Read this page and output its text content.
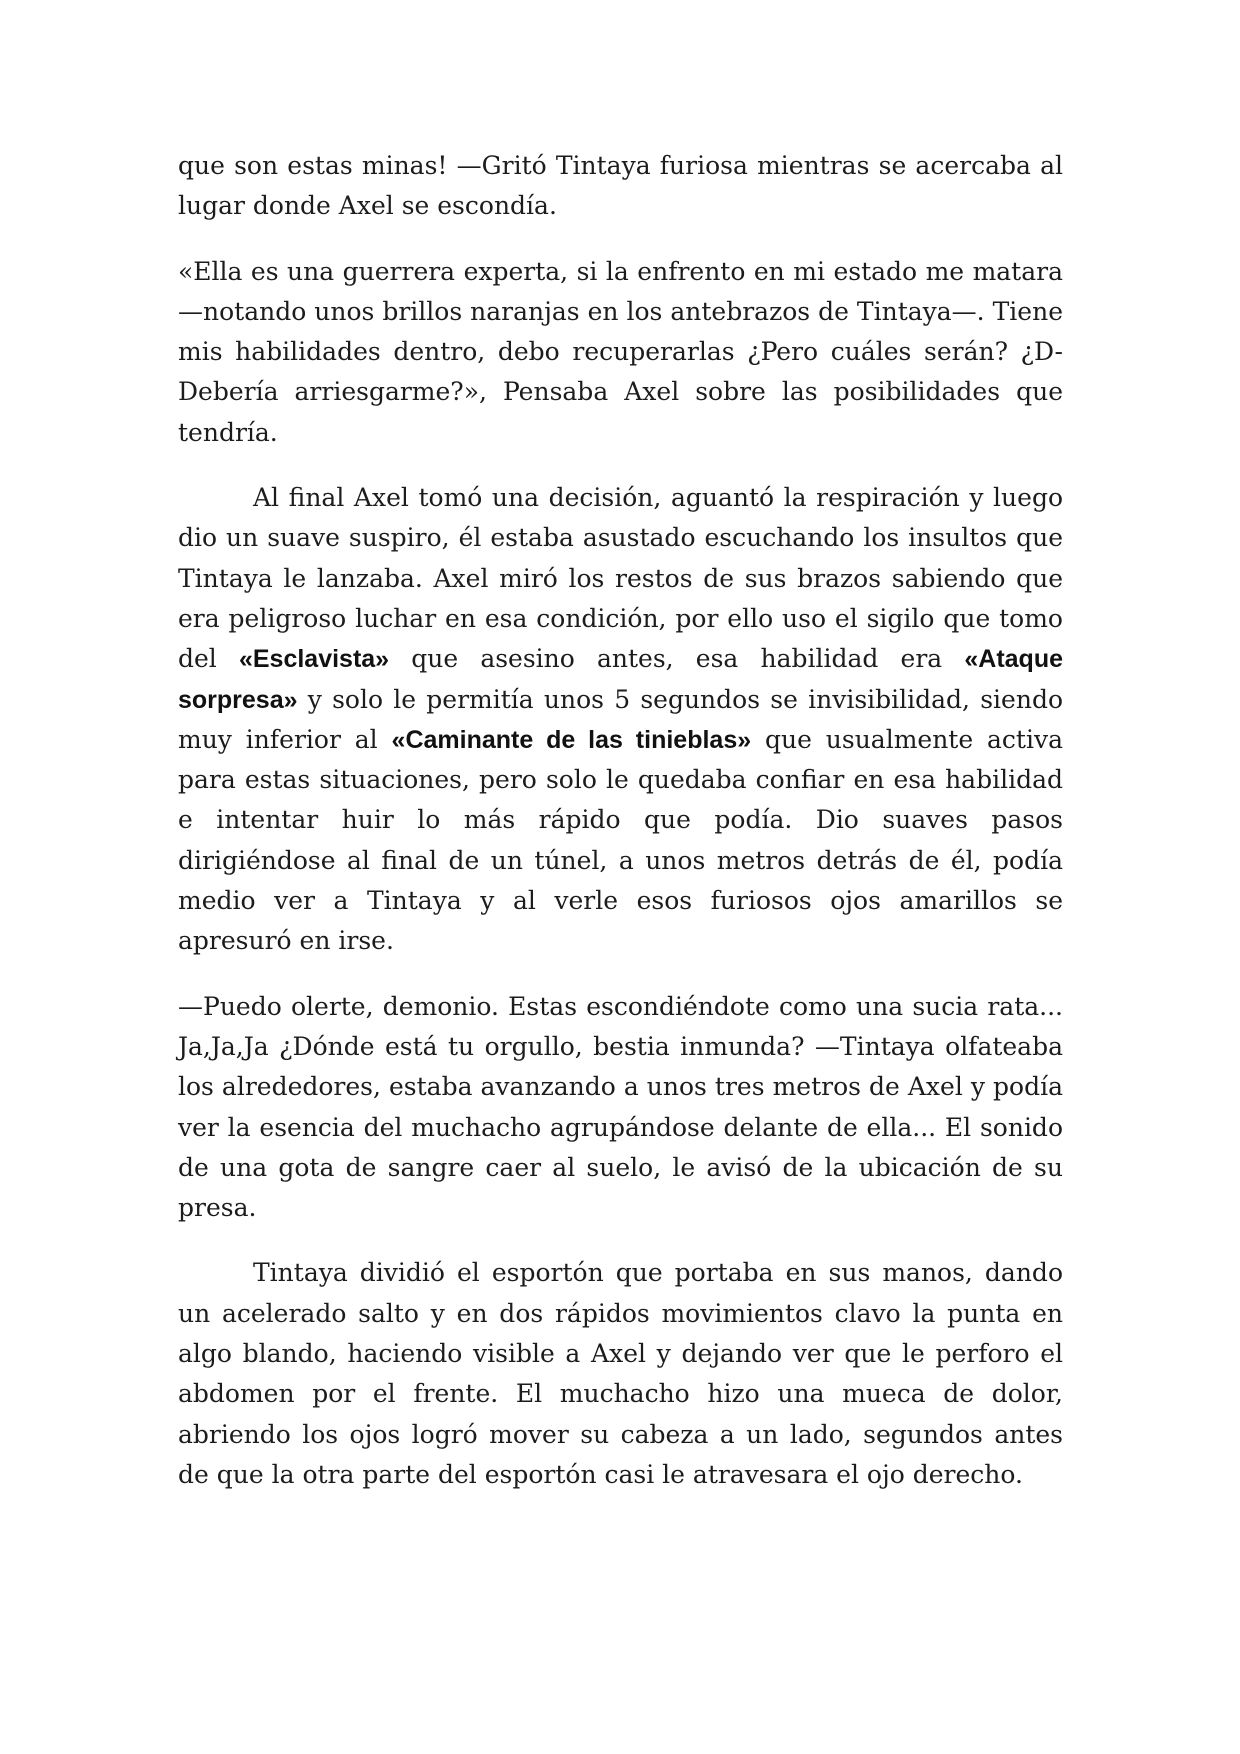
que son estas minas! —Gritó Tintaya furiosa mientras se acercaba al lugar donde Axel se escondía.

«Ella es una guerrera experta, si la enfrento en mi estado me matara —notando unos brillos naranjas en los antebrazos de Tintaya—. Tiene mis habilidades dentro, debo recuperarlas ¿Pero cuáles serán? ¿D-Debería arriesgarme?», Pensaba Axel sobre las posibilidades que tendría.

Al final Axel tomó una decisión, aguantó la respiración y luego dio un suave suspiro, él estaba asustado escuchando los insultos que Tintaya le lanzaba. Axel miró los restos de sus brazos sabiendo que era peligroso luchar en esa condición, por ello uso el sigilo que tomo del «Esclavista» que asesino antes, esa habilidad era «Ataque sorpresa» y solo le permitía unos 5 segundos se invisibilidad, siendo muy inferior al «Caminante de las tinieblas» que usualmente activa para estas situaciones, pero solo le quedaba confiar en esa habilidad e intentar huir lo más rápido que podía. Dio suaves pasos dirigiéndose al final de un túnel, a unos metros detrás de él, podía medio ver a Tintaya y al verle esos furiosos ojos amarillos se apresuró en irse.

—Puedo olerte, demonio. Estas escondiéndote como una sucia rata... Ja,Ja,Ja ¿Dónde está tu orgullo, bestia inmunda? —Tintaya olfateaba los alrededores, estaba avanzando a unos tres metros de Axel y podía ver la esencia del muchacho agrupándose delante de ella... El sonido de una gota de sangre caer al suelo, le avisó de la ubicación de su presa.

Tintaya dividió el esportón que portaba en sus manos, dando un acelerado salto y en dos rápidos movimientos clavo la punta en algo blando, haciendo visible a Axel y dejando ver que le perforo el abdomen por el frente. El muchacho hizo una mueca de dolor, abriendo los ojos logró mover su cabeza a un lado, segundos antes de que la otra parte del esportón casi le atravesara el ojo derecho.
